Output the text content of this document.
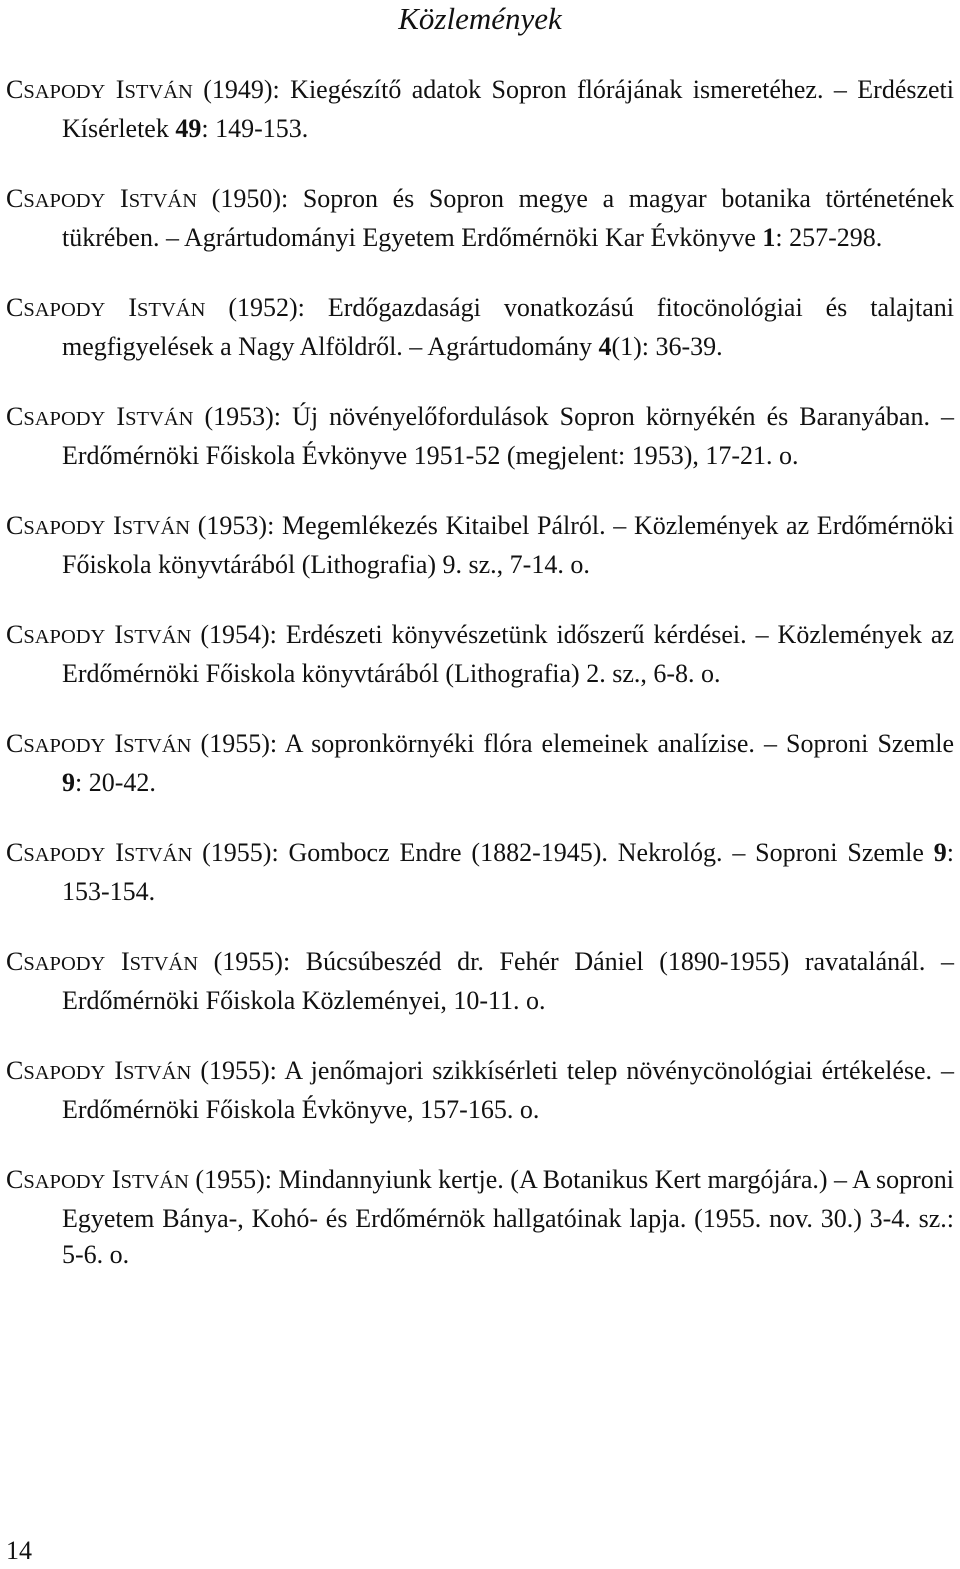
Közlemények
CSAPODY ISTVÁN (1949): Kiegészítő adatok Sopron flórájának ismeretéhez. – Erdészeti Kísérletek 49: 149-153.
CSAPODY ISTVÁN (1950): Sopron és Sopron megye a magyar botanika történetének tükrében. – Agrártudományi Egyetem Erdőmérnöki Kar Évkönyve 1: 257-298.
CSAPODY ISTVÁN (1952): Erdőgazdasági vonatkozású fitocönológiai és talajtani megfigyelések a Nagy Alföldről. – Agrártudomány 4(1): 36-39.
CSAPODY ISTVÁN (1953): Új növényelőfordulások Sopron környékén és Baranyában. – Erdőmérnöki Főiskola Évkönyve 1951-52 (megjelent: 1953), 17-21. o.
CSAPODY ISTVÁN (1953): Megemlékezés Kitaibel Pálról. – Közlemények az Erdőmérnöki Főiskola könyvtárából (Lithografia) 9. sz., 7-14. o.
CSAPODY ISTVÁN (1954): Erdészeti könyvészetünk időszerű kérdései. – Közlemények az Erdőmérnöki Főiskola könyvtárából (Lithografia) 2. sz., 6-8. o.
CSAPODY ISTVÁN (1955): A sopronkörnyéki flóra elemeinek analízise. – Soproni Szemle 9: 20-42.
CSAPODY ISTVÁN (1955): Gombocz Endre (1882-1945). Nekrológ. – Soproni Szemle 9: 153-154.
CSAPODY ISTVÁN (1955): Búcsúbeszéd dr. Fehér Dániel (1890-1955) ravatalánál. – Erdőmérnöki Főiskola Közleményei, 10-11. o.
CSAPODY ISTVÁN (1955): A jenőmajori szikkísérleti telep növénycönológiai értékelése. – Erdőmérnöki Főiskola Évkönyve, 157-165. o.
CSAPODY ISTVÁN (1955): Mindannyiunk kertje. (A Botanikus Kert margójára.) – A soproni Egyetem Bánya-, Kohó- és Erdőmérnök hallgatóinak lapja. (1955. nov. 30.) 3-4. sz.: 5-6. o.
14
